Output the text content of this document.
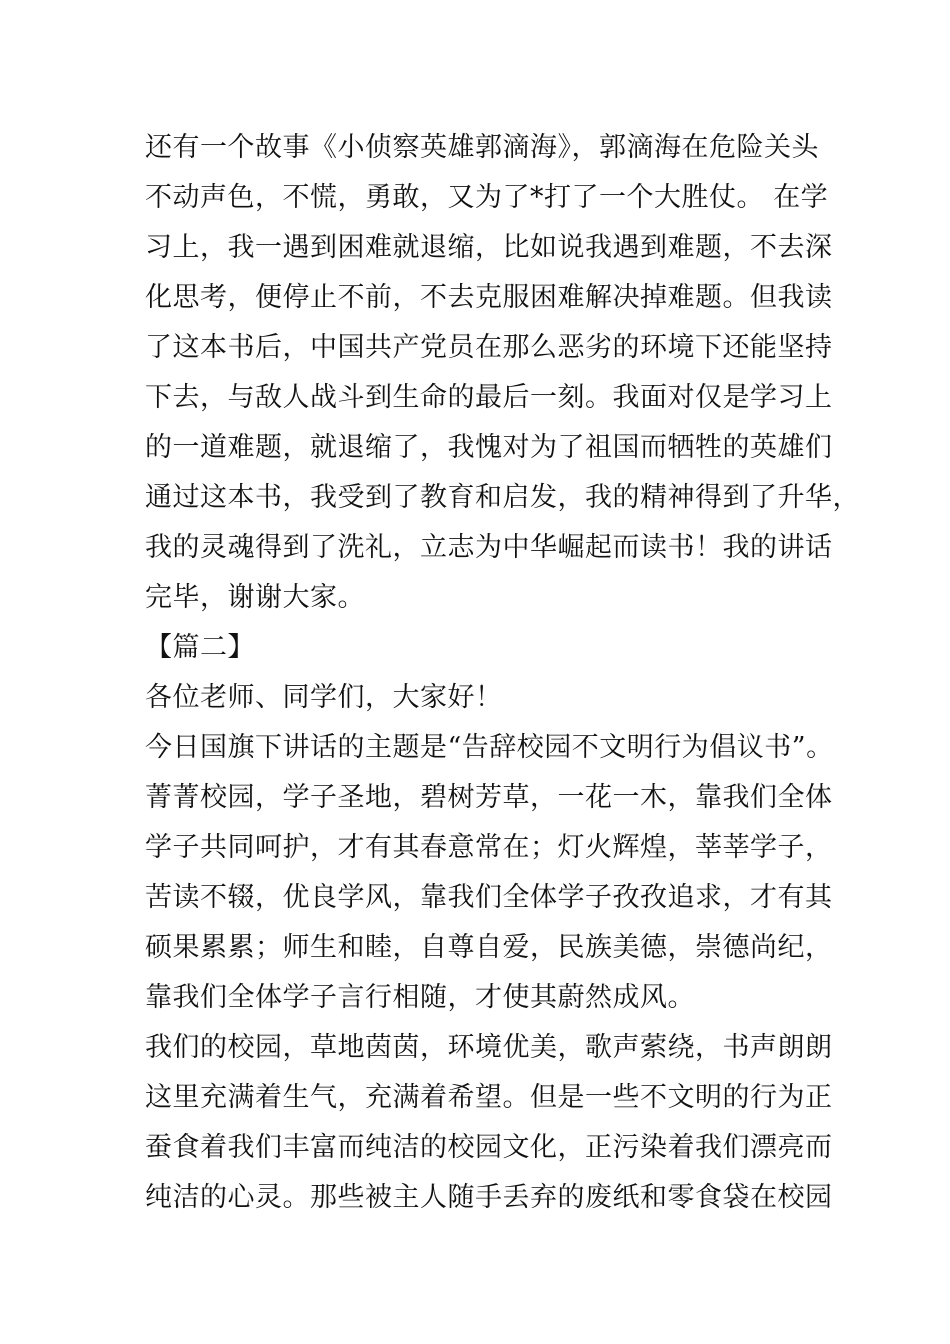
还有一个故事《小侦察英雄郭滴海》，郭滴海在危险关头
不动声色，不慌，勇敢，又为了*打了一个大胜仗。 在学
习上，我一遇到困难就退缩，比如说我遇到难题，不去深
化思考，便停止不前，不去克服困难解决掉难题。但我读
了这本书后，中国共产党员在那么恶劣的环境下还能坚持
下去，与敌人战斗到生命的最后一刻。我面对仅是学习上
的一道难题，就退缩了，我愧对为了祖国而牺牲的英雄们
通过这本书，我受到了教育和启发，我的精神得到了升华，
我的灵魂得到了洗礼，立志为中华崛起而读书！我的讲话
完毕，谢谢大家。
【篇二】
各位老师、同学们，大家好！
今日国旗下讲话的主题是“告辞校园不文明行为倡议书”。
菁菁校园，学子圣地，碧树芳草，一花一木，靠我们全体
学子共同呵护，才有其春意常在；灯火辉煌，莘莘学子，
苦读不辍，优良学风，靠我们全体学子孜孜追求，才有其
硕果累累；师生和睦，自尊自爱，民族美德，崇德尚纪，
靠我们全体学子言行相随，才使其蔚然成风。
我们的校园，草地茵茵，环境优美，歌声萦绕，书声朗朗
这里充满着生气，充满着希望。但是一些不文明的行为正
蚕食着我们丰富而纯洁的校园文化，正污染着我们漂亮而
纯洁的心灵。那些被主人随手丢弃的废纸和零食袋在校园
